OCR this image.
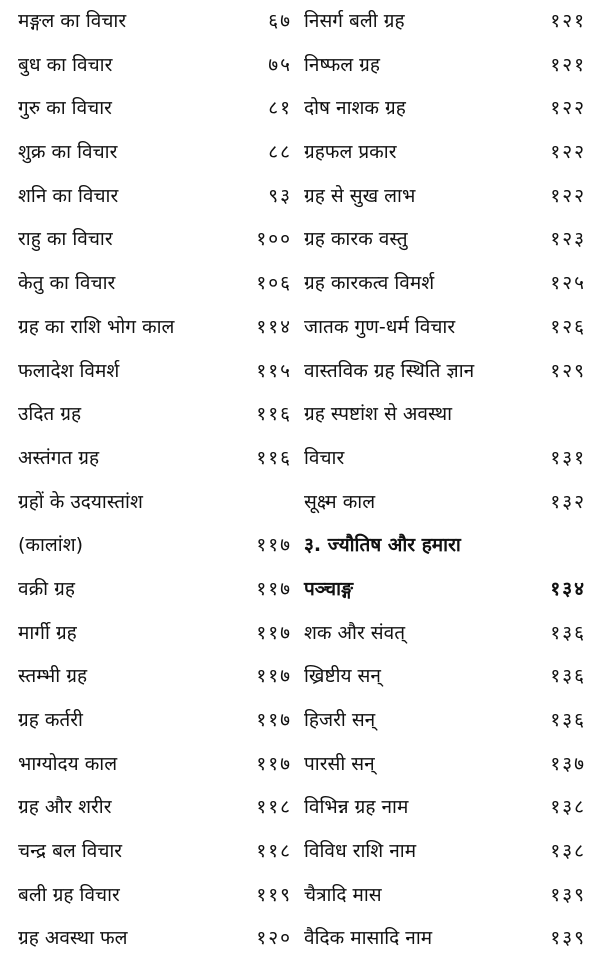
मङ्गल का विचार	६७
बुध का विचार	७५
गुरु का विचार	८१
शुक्र का विचार	८८
शनि का विचार	९३
राहु का विचार	१००
केतु का विचार	१०६
ग्रह का राशि भोग काल	११४
फलादेश विमर्श	११५
उदित ग्रह	११६
अस्तंगत ग्रह	११६
ग्रहों के उदयास्तांश
(कालांश)	११७
वक्री ग्रह	११७
मार्गी ग्रह	११७
स्तम्भी ग्रह	११७
ग्रह कर्तरी	११७
भाग्योदय काल	११७
ग्रह और शरीर	११८
चन्द्र बल विचार	११८
बली ग्रह विचार	११९
ग्रह अवस्था फल	१२०
निसर्ग बली ग्रह	१२१
निष्फल ग्रह	१२१
दोष नाशक ग्रह	१२२
ग्रहफल प्रकार	१२२
ग्रह से सुख लाभ	१२२
ग्रह कारक वस्तु	१२३
ग्रह कारकत्व विमर्श	१२५
जातक गुण-धर्म विचार	१२६
वास्तविक ग्रह स्थिति ज्ञान	१२९
ग्रह स्पष्टांश से अवस्था
विचार	१३१
सूक्ष्म काल	१३२
३. ज्यौतिष और हमारा
पञ्चाङ्ग	१३४
शक और संवत्	१३६
ख्रिष्टीय सन्	१३६
हिजरी सन्	१३६
पारसी सन्	१३७
विभिन्न ग्रह नाम	१३८
विविध राशि नाम	१३८
चैत्रादि मास	१३९
वैदिक मासादि नाम	१३९
